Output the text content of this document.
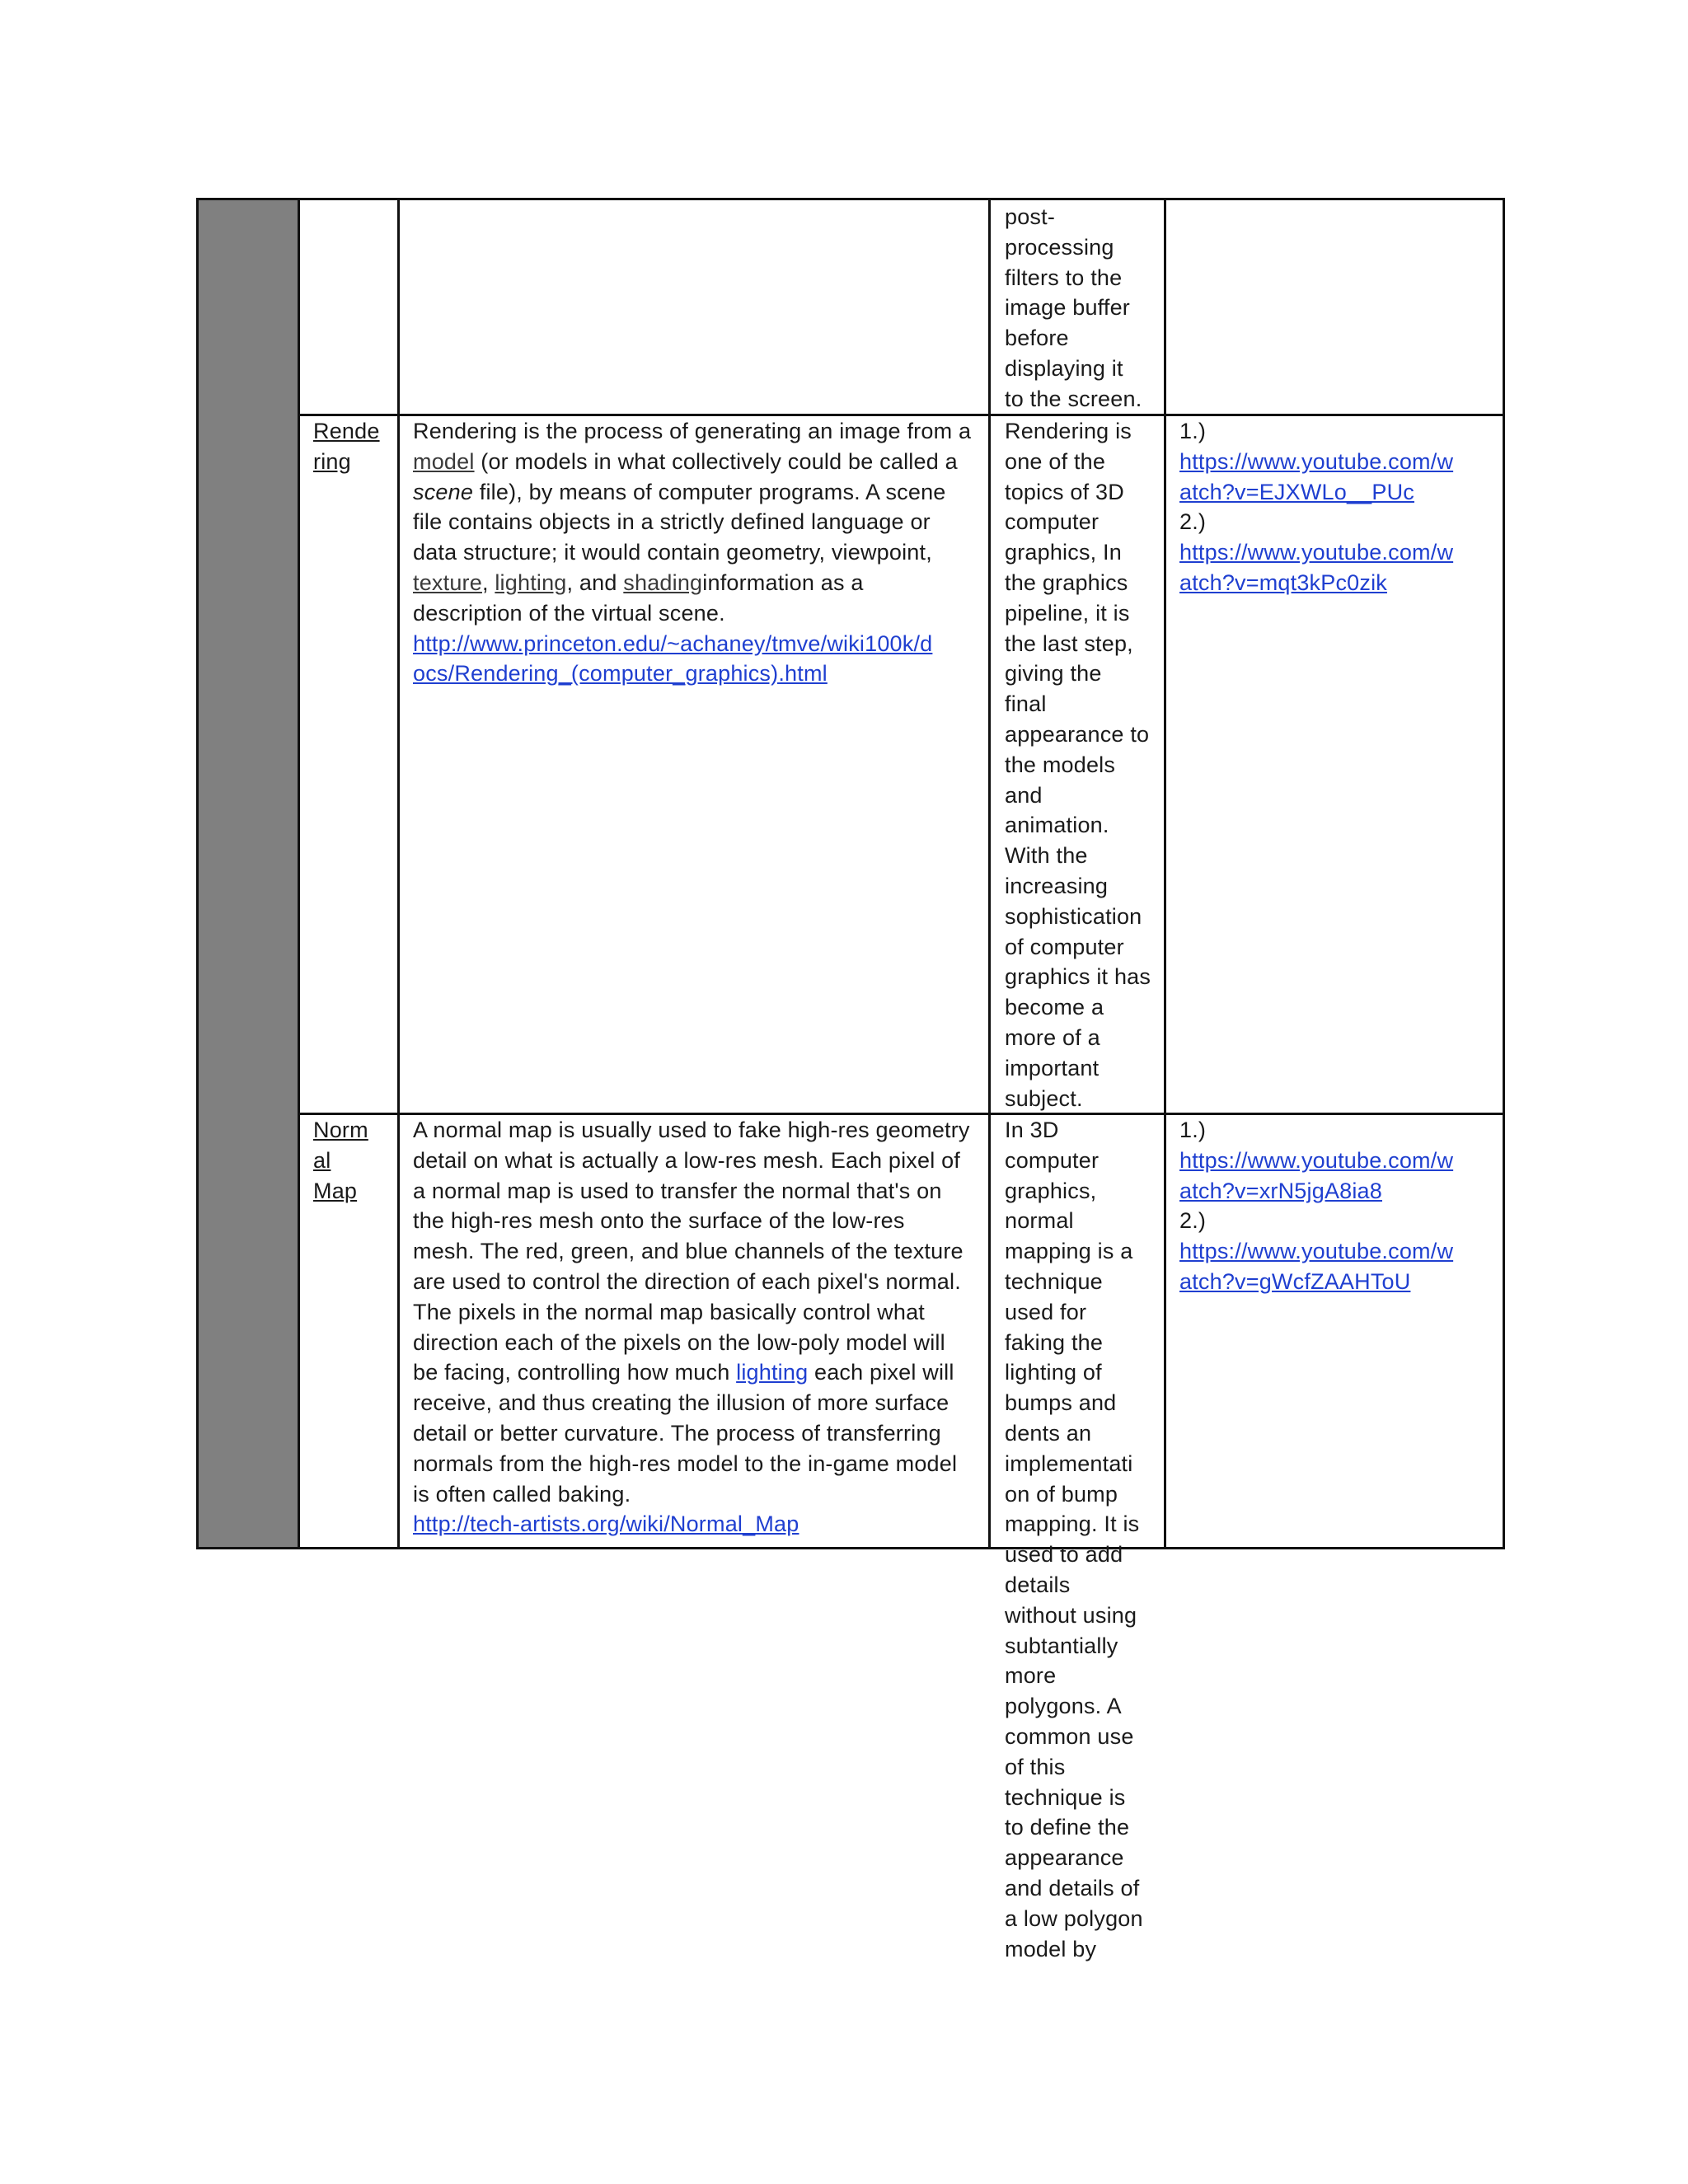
post-
processing
filters to the
image buffer
before
displaying it
to the screen.
Rende
ring
Rendering is the process of generating an image from a
model (or models in what collectively could be called a
scene file), by means of computer programs. A scene
file contains objects in a strictly defined language or
data structure; it would contain geometry, viewpoint,
texture, lighting, and shadinginformation as a
description of the virtual scene.
http://www.princeton.edu/~achaney/tmve/wiki100k/d
ocs/Rendering_(computer_graphics).html
Rendering is
one of the
topics of 3D
computer
graphics, In
the graphics
pipeline, it is
the last step,
giving the
final
appearance to
the models
and
animation.
With the
increasing
sophistication
of computer
graphics it has
become a
more of a
important
subject.
1.)
https://www.youtube.com/w
atch?v=EJXWLo__PUc
2.)
https://www.youtube.com/w
atch?v=mqt3kPc0zik
Norm
al
Map
A normal map is usually used to fake high-res geometry
detail on what is actually a low-res mesh. Each pixel of
a normal map is used to transfer the normal that's on
the high-res mesh onto the surface of the low-res
mesh. The red, green, and blue channels of the texture
are used to control the direction of each pixel's normal.
The pixels in the normal map basically control what
direction each of the pixels on the low-poly model will
be facing, controlling how much lighting each pixel will
receive, and thus creating the illusion of more surface
detail or better curvature. The process of transferring
normals from the high-res model to the in-game model
is often called baking.
http://tech-artists.org/wiki/Normal_Map
In 3D
computer
graphics,
normal
mapping is a
technique
used for
faking the
lighting of
bumps and
dents an
implementati
on of bump
mapping. It is
used to add
details
without using
subtantially
more
polygons. A
common use
of this
technique is
to define the
appearance
and details of
a low polygon
model by
1.)
https://www.youtube.com/w
atch?v=xrN5jgA8ia8
2.)
https://www.youtube.com/w
atch?v=gWcfZAAHToU
